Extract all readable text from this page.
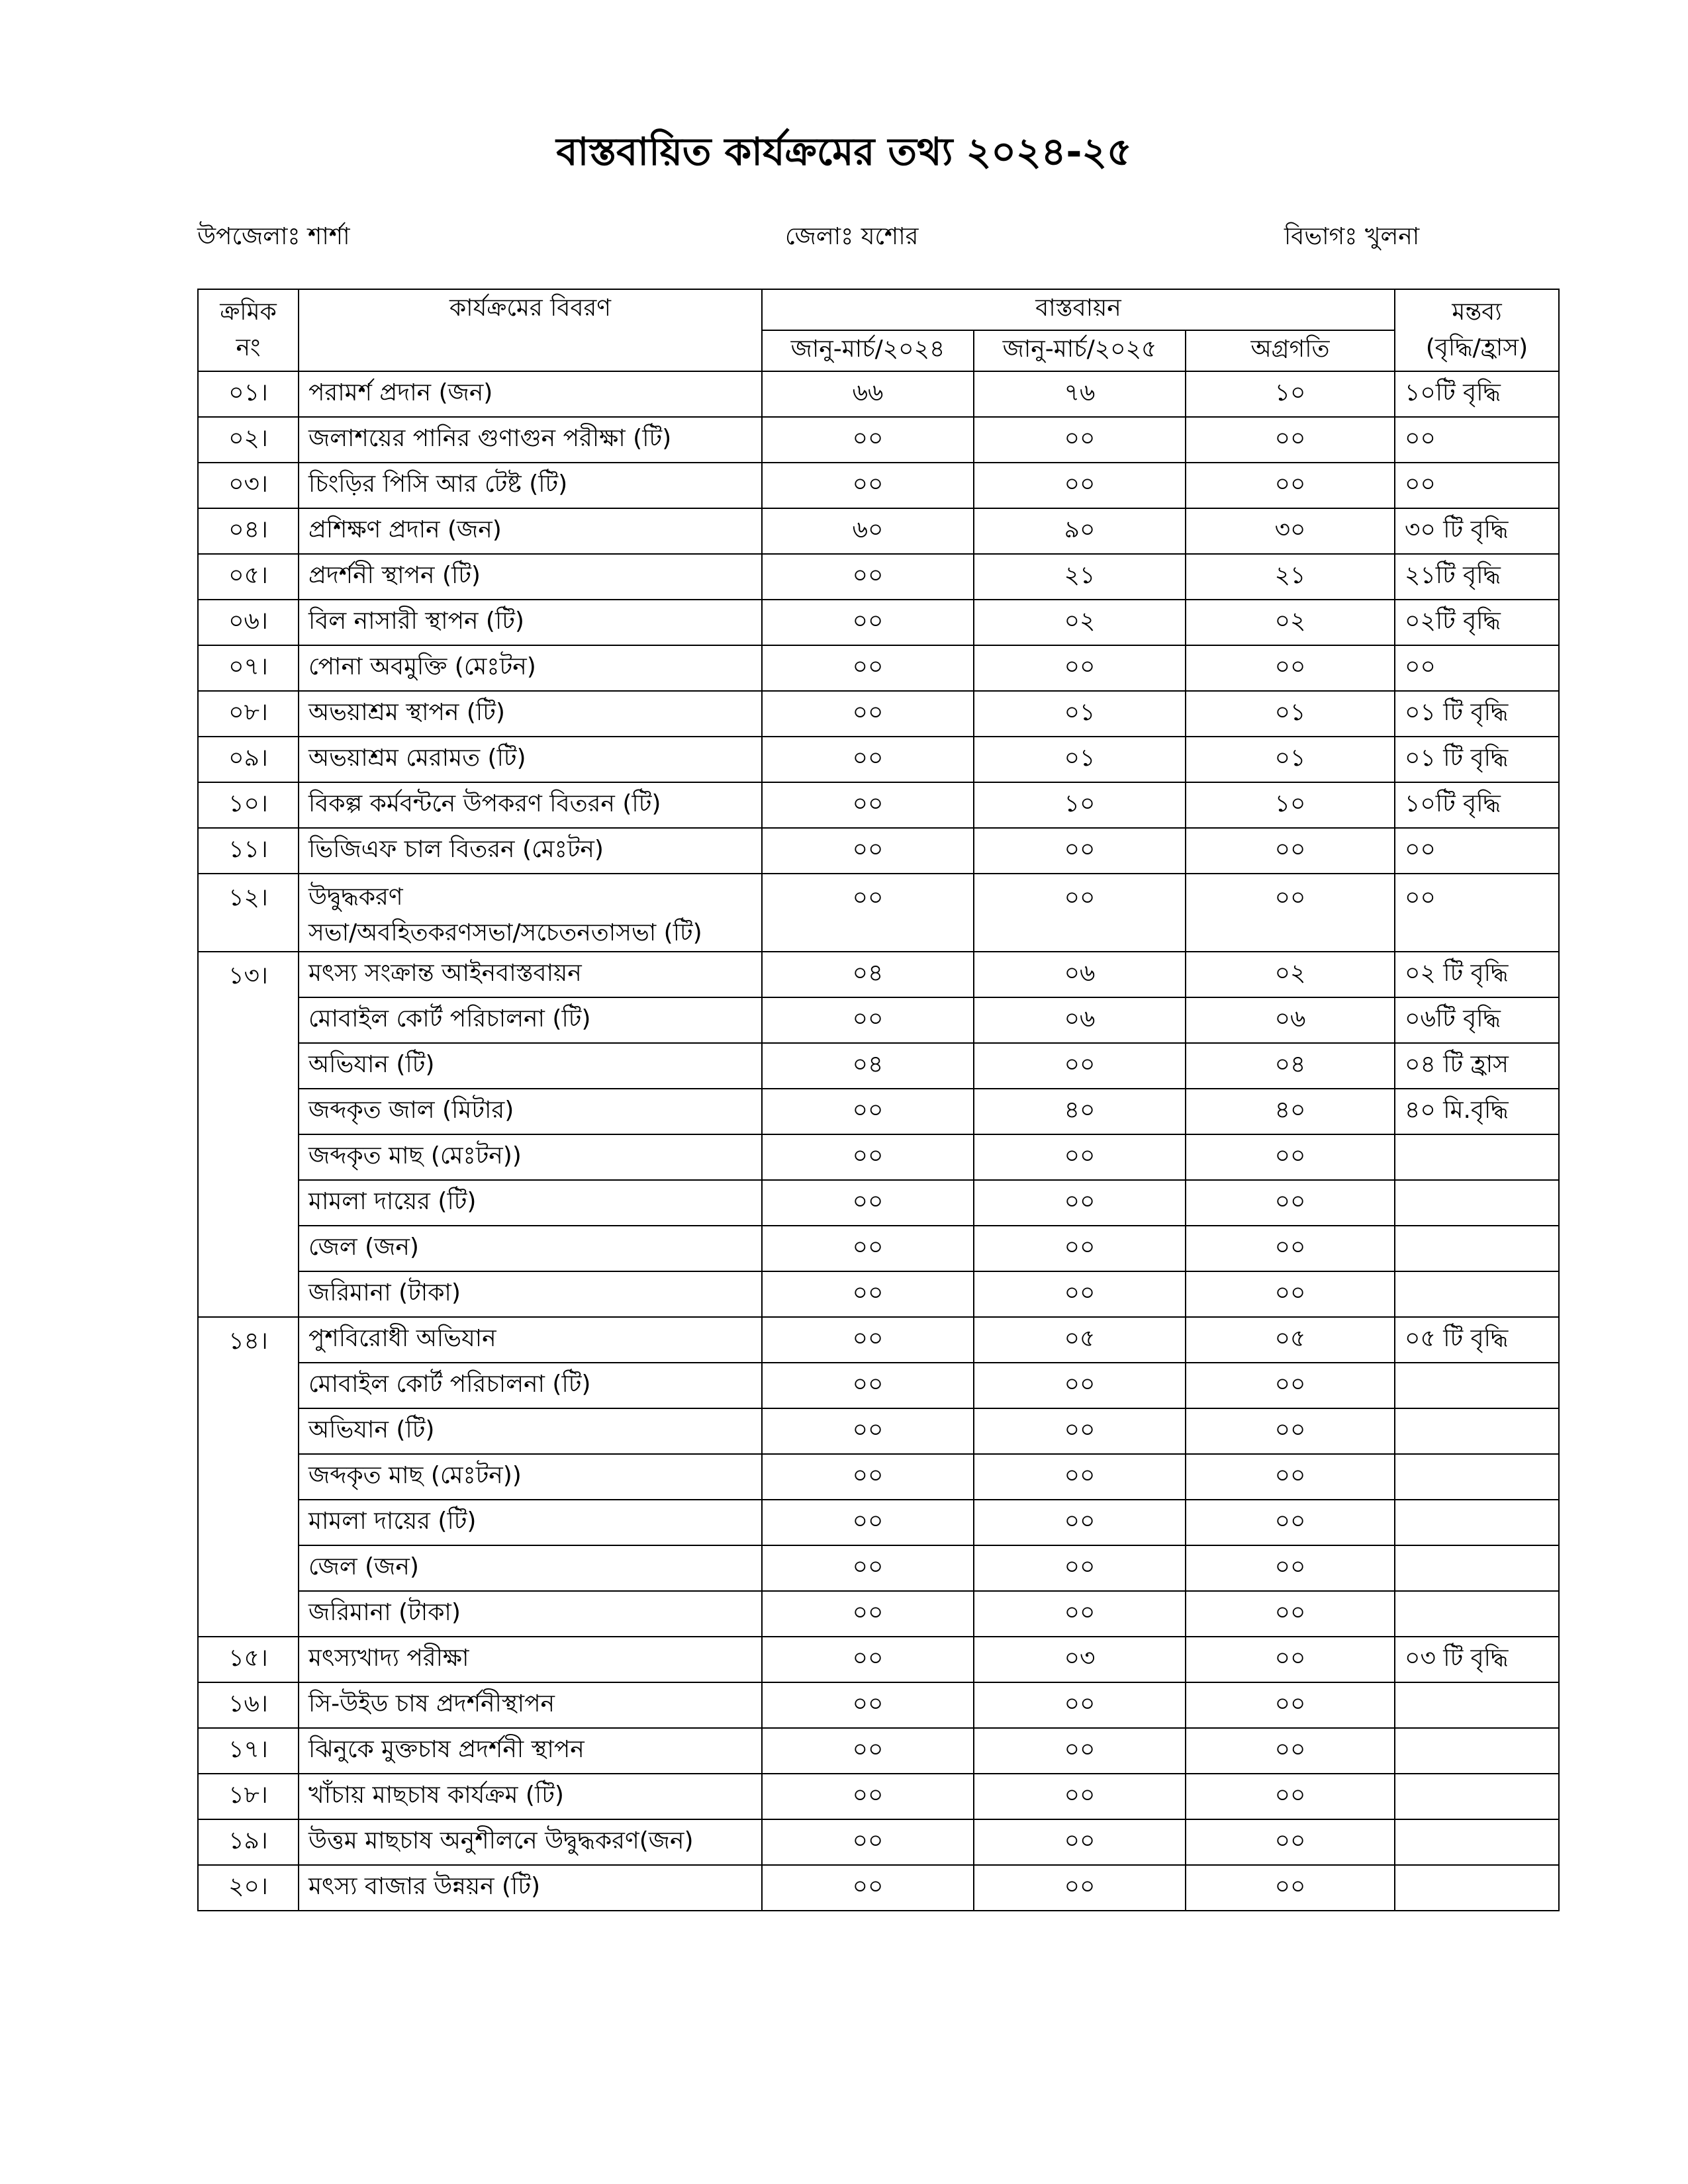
বাস্তবায়িত কার্যক্রমের তথ্য ২০২৪-২৫
উপজেলাঃ শার্শা	জেলাঃ যশোর	বিভাগঃ খুলনা
ক্রমিক
নং	কার্যক্রমের বিবরণ	বাস্তবায়ন			মন্তব্য
(বৃদ্ধি/হ্রাস)

		জানু-মার্চ/২০২৪	জানু-মার্চ/২০২৫	অগ্রগতি	
০১।	পরামর্শ প্রদান (জন)	৬৬	৭৬	১০	১০টি বৃদ্ধি
০২।	জলাশয়ের পানির গুণাগুন পরীক্ষা (টি)	০০	০০	০০	০০
০৩।	চিংড়ির পিসি আর টেষ্ট (টি)	০০	০০	০০	০০
০৪।	প্রশিক্ষণ প্রদান (জন)	৬০	৯০	৩০	৩০ টি বৃদ্ধি
০৫।	প্রদর্শনী স্থাপন (টি)	০০	২১	২১	২১টি বৃদ্ধি
০৬।	বিল নাসারী স্থাপন (টি)	০০	০২	০২	০২টি বৃদ্ধি
০৭।	পোনা অবমুক্তি (মেঃটন)	০০	০০	০০	০০
০৮।	অভয়াশ্রম স্থাপন (টি)	০০	০১	০১	০১ টি বৃদ্ধি
০৯।	অভয়াশ্রম মেরামত (টি)	০০	০১	০১	০১ টি বৃদ্ধি
১০।	বিকল্প কর্মবন্টনে উপকরণ বিতরন (টি)	০০	১০	১০	১০টি বৃদ্ধি
১১।	ভিজিএফ চাল বিতরন (মেঃটন)	০০	০০	০০	০০
১২।	উদ্বুদ্ধকরণ
সভা/অবহিতকরণসভা/সচেতনতাসভা (টি)	০০	০০	০০	০০
১৩।	মৎস্য সংক্রান্ত আইনবাস্তবায়ন	০৪	০৬	০২	০২ টি বৃদ্ধি
	মোবাইল কোর্ট পরিচালনা (টি)	০০	০৬	০৬	০৬টি বৃদ্ধি
	অভিযান (টি)	০৪	০০	০৪	০৪ টি হ্রাস
	জব্দকৃত জাল (মিটার)	০০	৪০	৪০	৪০ মি.বৃদ্ধি
	জব্দকৃত মাছ (মেঃটন))	০০	০০	০০	
	মামলা দায়ের (টি)	০০	০০	০০	
	জেল (জন)	০০	০০	০০	
	জরিমানা (টাকা)	০০	০০	০০	
১৪।	পুশবিরোধী অভিযান	০০	০৫	০৫	০৫ টি বৃদ্ধি
	মোবাইল কোর্ট পরিচালনা (টি)	০০	০০	০০	
	অভিযান (টি)	০০	০০	০০	
	জব্দকৃত মাছ (মেঃটন))	০০	০০	০০	
	মামলা দায়ের (টি)	০০	০০	০০	
	জেল (জন)	০০	০০	০০	
	জরিমানা (টাকা)	০০	০০	০০	
১৫।	মৎস্যখাদ্য পরীক্ষা	০০	০৩	০০	০৩ টি বৃদ্ধি
১৬।	সি-উইড চাষ প্রদর্শনীস্থাপন	০০	০০	০০	
১৭।	ঝিনুকে মুক্তচাষ প্রদর্শনী স্থাপন	০০	০০	০০	
১৮।	খাঁচায় মাছচাষ কার্যক্রম (টি)	০০	০০	০০	
১৯।	উত্তম মাছচাষ অনুশীলনে উদ্বুদ্ধকরণ(জন)	০০	০০	০০	
২০।	মৎস্য বাজার উন্নয়ন (টি)	০০	০০	০০	
